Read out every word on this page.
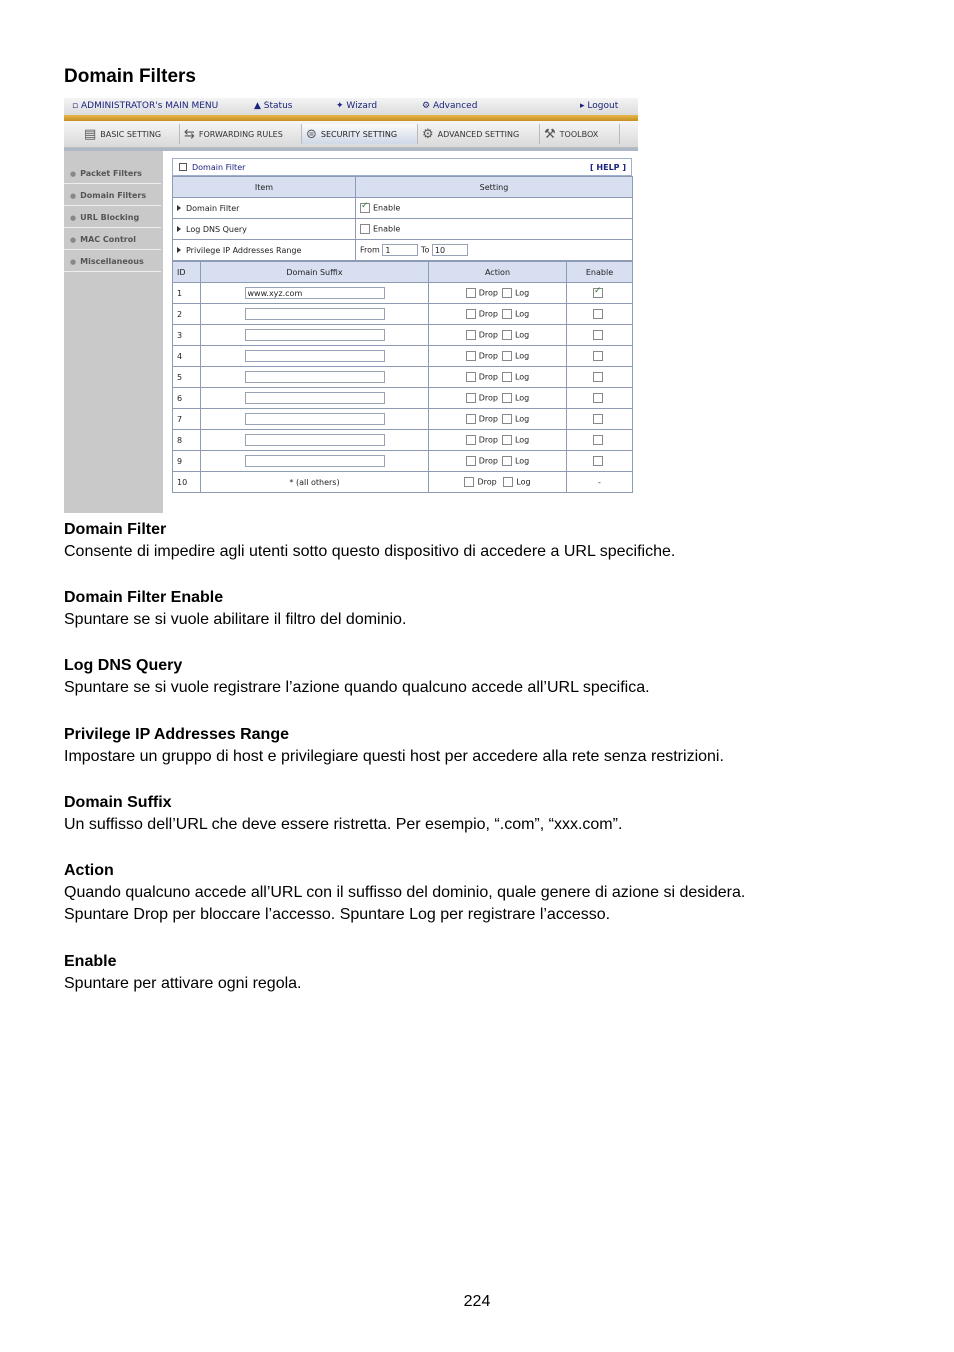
Domain Filters
▫ ADMINISTRATOR's MAIN MENU	▲ Status	✦ Wizard	⚙ Advanced	▸ Logout
▤ BASIC SETTING ⇆ FORWARDING RULES ⊜ SECURITY SETTING ⚙ ADVANCED SETTING ⚒ TOOLBOX
● Packet Filters
● Domain Filters
● URL Blocking
● MAC Control
● Miscellaneous
Domain Filter	[ HELP ]
Item	Setting
Domain Filter	✓Enable
Log DNS Query	Enable
Privilege IP Addresses Range	From 1 To 10
ID	Domain Suffix	Action	Enable
1	www.xyz.com	Drop Log	✓
2		Drop Log	
3		Drop Log	
4		Drop Log	
5		Drop Log	
6		Drop Log	
7		Drop Log	
8		Drop Log	
9		Drop Log	
10	* (all others)	Drop Log	-
Domain Filter
Consente di impedire agli utenti sotto questo dispositivo di accedere a URL specifiche.
Domain Filter Enable
Spuntare se si vuole abilitare il filtro del dominio.
Log DNS Query
Spuntare se si vuole registrare l’azione quando qualcuno accede all’URL specifica.
Privilege IP Addresses Range
Impostare un gruppo di host e privilegiare questi host per accedere alla rete senza restrizioni.
Domain Suffix
Un suffisso dell’URL che deve essere ristretta. Per esempio, “.com”, “xxx.com”.
Action
Quando qualcuno accede all’URL con il suffisso del dominio, quale genere di azione si desidera.
Spuntare Drop per bloccare l’accesso. Spuntare Log per registrare l’accesso.
Enable
Spuntare per attivare ogni regola.
224
